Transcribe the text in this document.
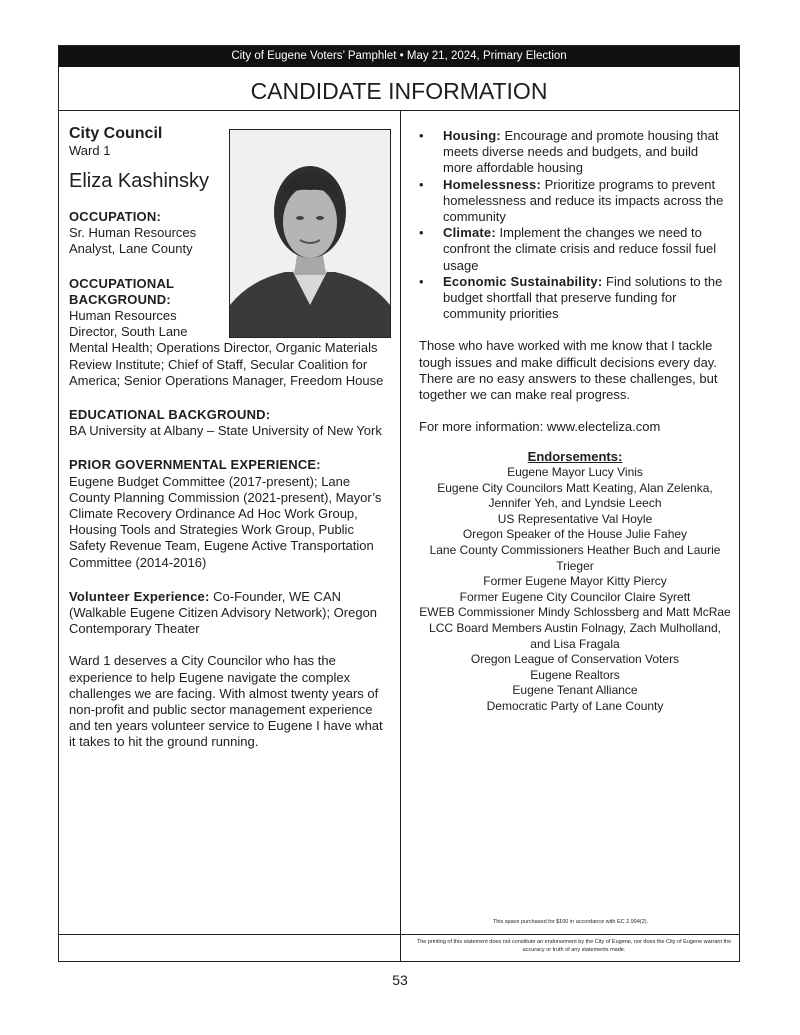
City of Eugene Voters’ Pamphlet • May 21, 2024, Primary Election
CANDIDATE INFORMATION
City Council
Ward 1
Eliza Kashinsky
OCCUPATION:
Sr. Human Resources
Analyst, Lane County
OCCUPATIONAL
BACKGROUND:
Human Resources
Director, South Lane
Mental Health; Operations Director, Organic Materials Review Institute; Chief of Staff, Secular Coalition for America; Senior Operations Manager, Freedom House
EDUCATIONAL BACKGROUND:
BA University at Albany – State University of New York
PRIOR GOVERNMENTAL EXPERIENCE:
Eugene Budget Committee (2017-present); Lane County Planning Commission (2021-present), Mayor’s Climate Recovery Ordinance Ad Hoc Work Group, Housing Tools and Strategies Work Group, Public Safety Revenue Team, Eugene Active Transportation Committee (2014-2016)
Volunteer Experience: Co-Founder, WE CAN (Walkable Eugene Citizen Advisory Network); Oregon Contemporary Theater
Ward 1 deserves a City Councilor who has the experience to help Eugene navigate the complex challenges we are facing. With almost twenty years of non-profit and public sector management experience and ten years volunteer service to Eugene I have what it takes to hit the ground running.
• Housing: Encourage and promote housing that meets diverse needs and budgets, and build more affordable housing
• Homelessness: Prioritize programs to prevent homelessness and reduce its impacts across the community
• Climate: Implement the changes we need to confront the climate crisis and reduce fossil fuel usage
• Economic Sustainability: Find solutions to the budget shortfall that preserve funding for community priorities
Those who have worked with me know that I tackle tough issues and make difficult decisions every day. There are no easy answers to these challenges, but together we can make real progress.
For more information: www.electeliza.com
Endorsements:
Eugene Mayor Lucy Vinis
Eugene City Councilors Matt Keating, Alan Zelenka, Jennifer Yeh, and Lyndsie Leech
US Representative Val Hoyle
Oregon Speaker of the House Julie Fahey
Lane County Commissioners Heather Buch and Laurie Trieger
Former Eugene Mayor Kitty Piercy
Former Eugene City Councilor Claire Syrett
EWEB Commissioner Mindy Schlossberg and Matt McRae
LCC Board Members Austin Folnagy, Zach Mulholland, and Lisa Fragala
Oregon League of Conservation Voters
Eugene Realtors
Eugene Tenant Alliance
Democratic Party of Lane County
This space purchased for $100 in accordance with EC 2.994(2).
The printing of this statement does not constitute an endorsement by the City of Eugene, nor does the City of Eugene warrant the accuracy or truth of any statements made.
53
